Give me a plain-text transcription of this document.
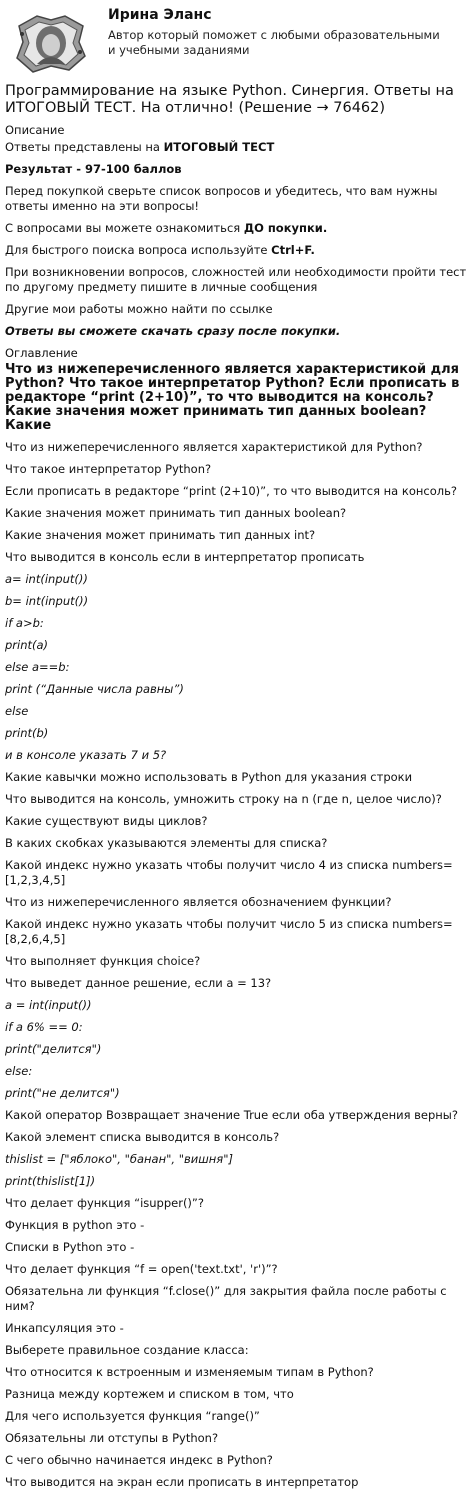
Ирина Эланс
Автор который поможет с любыми образовательными и учебными заданиями
Программирование на языке Python. Синергия. Ответы на ИТОГОВЫЙ ТЕСТ. На отлично! (Решение → 76462)
Описание
Ответы представлены на ИТОГОВЫЙ ТЕСТ
Результат - 97-100 баллов
Перед покупкой сверьте список вопросов и убедитесь, что вам нужны ответы именно на эти вопросы!
С вопросами вы можете ознакомиться ДО покупки.
Для быстрого поиска вопроса используйте Ctrl+F.
При возникновении вопросов, сложностей или необходимости пройти тест по другому предмету пишите в личные сообщения
Другие мои работы можно найти по ссылке
Ответы вы сможете скачать сразу после покупки.
Оглавление
Что из нижеперечисленного является характеристикой для Python? Что такое интерпретатор Python? Если прописать в редакторе “print (2+10)”, то что выводится на консоль? Какие значения может принимать тип данных boolean? Какие
Что из нижеперечисленного является характеристикой для Python?
Что такое интерпретатор Python?
Если прописать в редакторе “print (2+10)”, то что выводится на консоль?
Какие значения может принимать тип данных boolean?
Какие значения может принимать тип данных int?
Что выводится в консоль если в интерпретатор прописать
a= int(input())
b= int(input())
if a>b:
print(a)
else a==b:
print (“Данные числа равны”)
else
print(b)
и в консоле указать 7 и 5?
Какие кавычки можно использовать в Python для указания строки
Что выводится на консоль, умножить строку на n (где n, целое число)?
Какие существуют виды циклов?
В каких скобках указываются элементы для списка?
Какой индекс нужно указать чтобы получит число 4 из списка numbers= [1,2,3,4,5]
Что из нижеперечисленного является обозначением функции?
Какой индекс нужно указать чтобы получит число 5 из списка numbers= [8,2,6,4,5]
Что выполняет функция choice?
Что выведет данное решение, если a = 13?
a = int(input())
if a 6% == 0:
print("делится")
else:
print("не делится")
Какой оператор Возвращает значение True если оба утверждения верны?
Какой элемент списка выводится в консоль?
thislist = ["яблоко", "банан", "вишня"]
print(thislist[1])
Что делает функция “isupper()”?
Функция в python это -
Списки в Python это -
Что делает функция “f = open('text.txt', 'r')”?
Обязательна ли функция “f.close()” для закрытия файла после работы с ним?
Инкапсуляция это -
Выберете правильное создание класса:
Что относится к встроенным и изменяемым типам в Python?
Разница между кортежем и списком в том, что
Для чего используется функция “range()”
Обязательны ли отступы в Python?
С чего обычно начинается индекс в Python?
Что выводится на экран если прописать в интерпретатор
